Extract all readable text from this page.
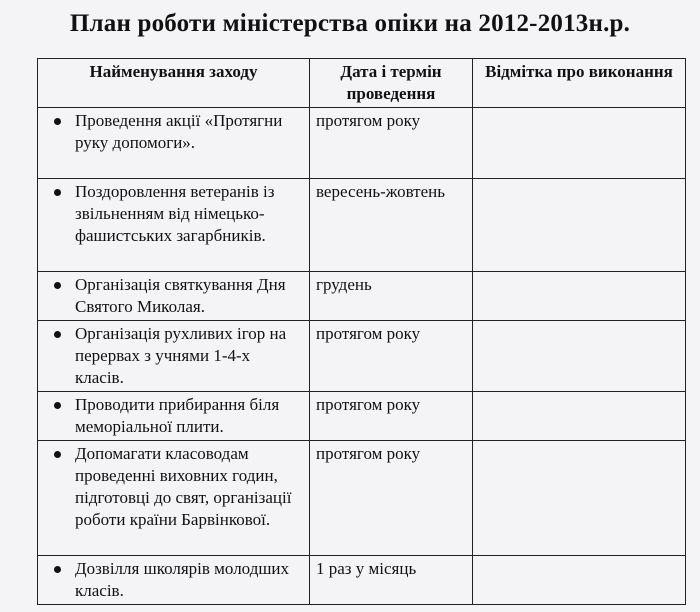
План роботи міністерства опіки на 2012-2013н.р.
Найменування заходу	Дата і термін проведення	Відмітка про виконання

Проведення акції «Протягни руку допомоги».	протягом року	

Поздоровлення ветеранів із звільненням від німецько-фашистських загарбників.	вересень-жовтень	

Організація святкування Дня Святого Миколая.	грудень	

Організація рухливих ігор на перервах з учнями 1-4-х класів.	протягом року	

Проводити прибирання біля меморіальної плити.	протягом року	

Допомагати класоводам проведенні виховних годин, підготовці до свят, організації роботи країни Барвінкової.	протягом року	

Дозвілля школярів молодших класів.	1 раз у місяць	
